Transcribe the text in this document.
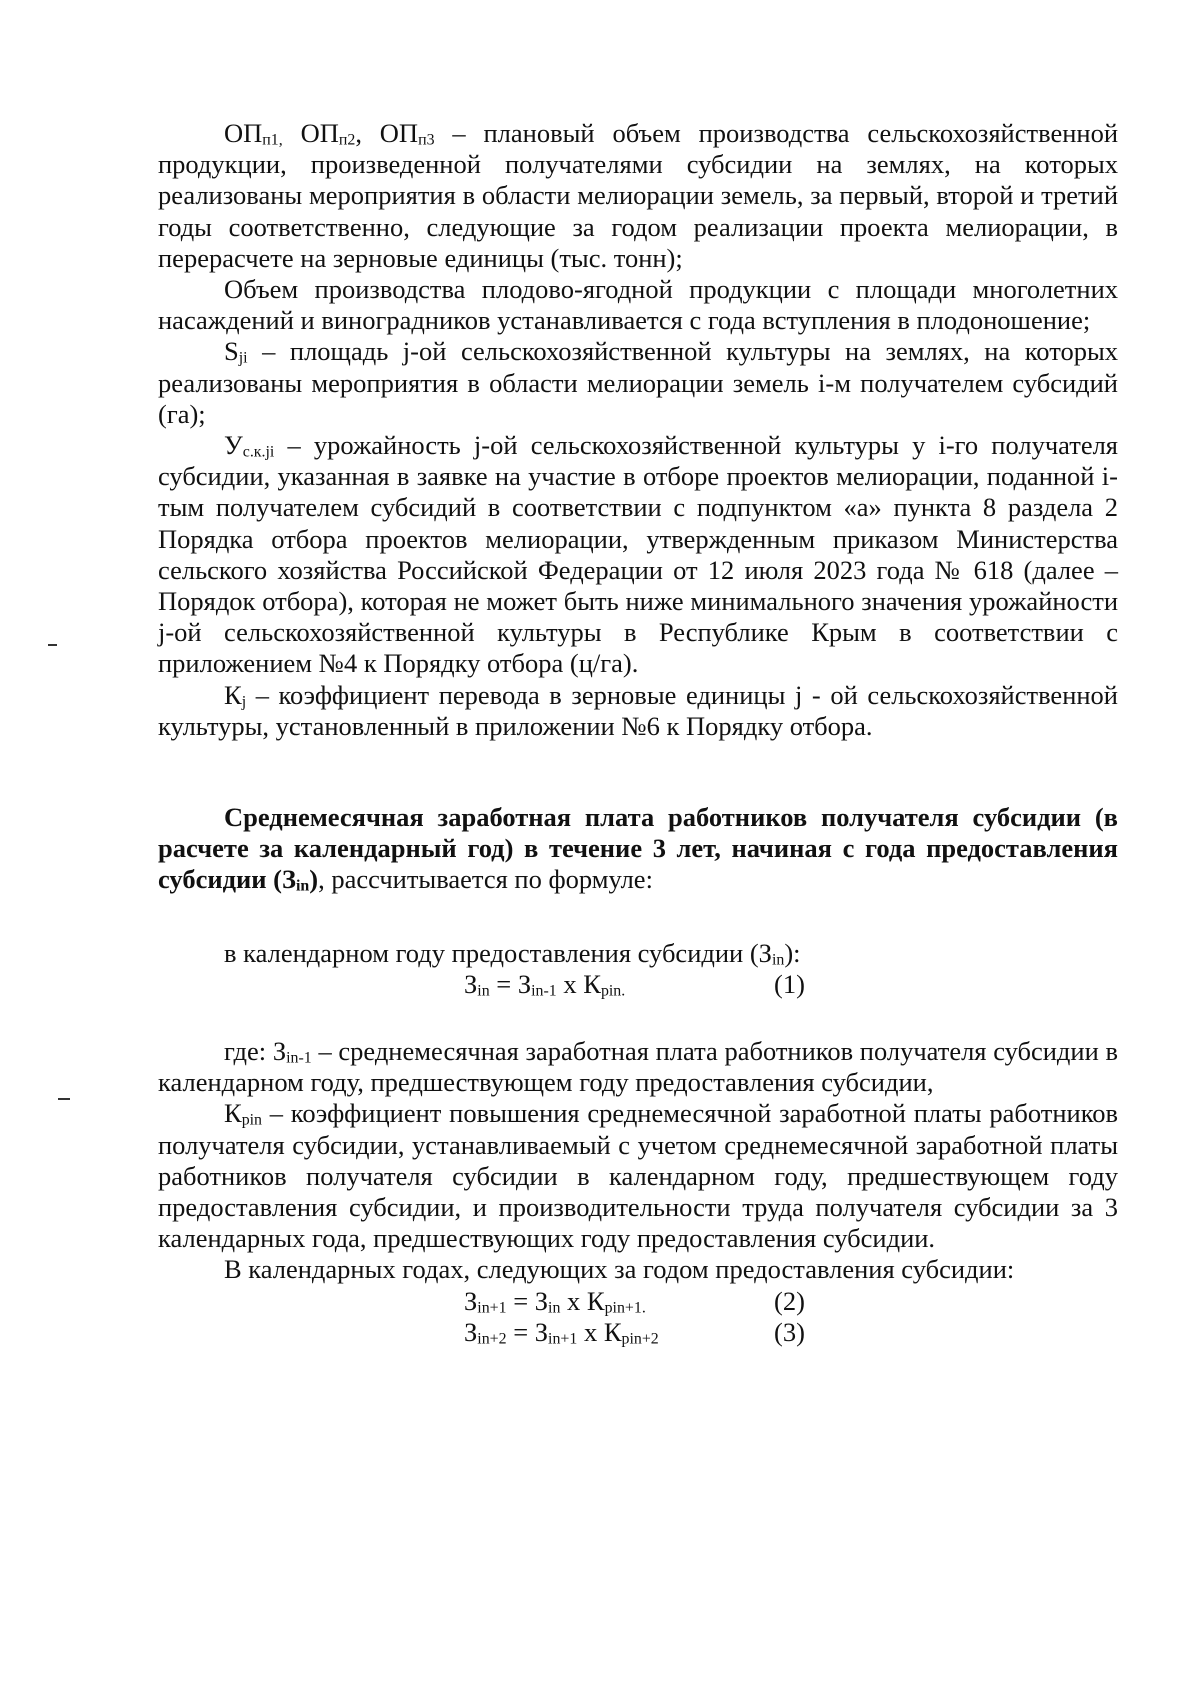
$ОП_{п1,}$ $ОП_{п2}$, $ОП_{п3}$ – плановый объем производства сельскохозяйственной продукции, произведенной получателями субсидии на землях, на которых реализованы мероприятия в области мелиорации земель, за первый, второй и третий годы соответственно, следующие за годом реализации проекта мелиорации, в перерасчете на зерновые единицы (тыс. тонн);

Объем производства плодово-ягодной продукции с площади многолетних насаждений и виноградников устанавливается с года вступления в плодоношение;

$S_{ji}$ – площадь j-ой сельскохозяйственной культуры на землях, на которых реализованы мероприятия в области мелиорации земель i-м получателем субсидий (га);

$У_{с.к.ji}$ – урожайность j-ой сельскохозяйственной культуры у i-го получателя субсидии, указанная в заявке на участие в отборе проектов мелиорации, поданной i-тым получателем субсидий в соответствии с подпунктом «а» пункта 8 раздела 2 Порядка отбора проектов мелиорации, утвержденным приказом Министерства сельского хозяйства Российской Федерации от 12 июля 2023 года № 618 (далее – Порядок отбора), которая не может быть ниже минимального значения урожайности j-ой сельскохозяйственной культуры в Республике Крым в соответствии с приложением №4 к Порядку отбора (ц/га).

$К_j$ – коэффициент перевода в зерновые единицы j - ой сельскохозяйственной культуры, установленный в приложении №6 к Порядку отбора.

Среднемесячная заработная плата работников получателя субсидии (в расчете за календарный год) в течение 3 лет, начиная с года предоставления субсидии $(З_{in})$, рассчитывается по формуле:

в календарном году предоставления субсидии $(З_{in})$:

$З_{in} = З_{in-1}$ x $К_{pin.}$	(1)

где: $З_{in-1}$ – среднемесячная заработная плата работников получателя субсидии в календарном году, предшествующем году предоставления субсидии,

$К_{pin}$ – коэффициент повышения среднемесячной заработной платы работников получателя субсидии, устанавливаемый с учетом среднемесячной заработной платы работников получателя субсидии в календарном году, предшествующем году предоставления субсидии, и производительности труда получателя субсидии за 3 календарных года, предшествующих году предоставления субсидии.

В календарных годах, следующих за годом предоставления субсидии:

$З_{in+1} = З_{in}$ x $К_{pin+1.}$	(2)
$З_{in+2} = З_{in+1}$ x $К_{pin+2}$	(3)
